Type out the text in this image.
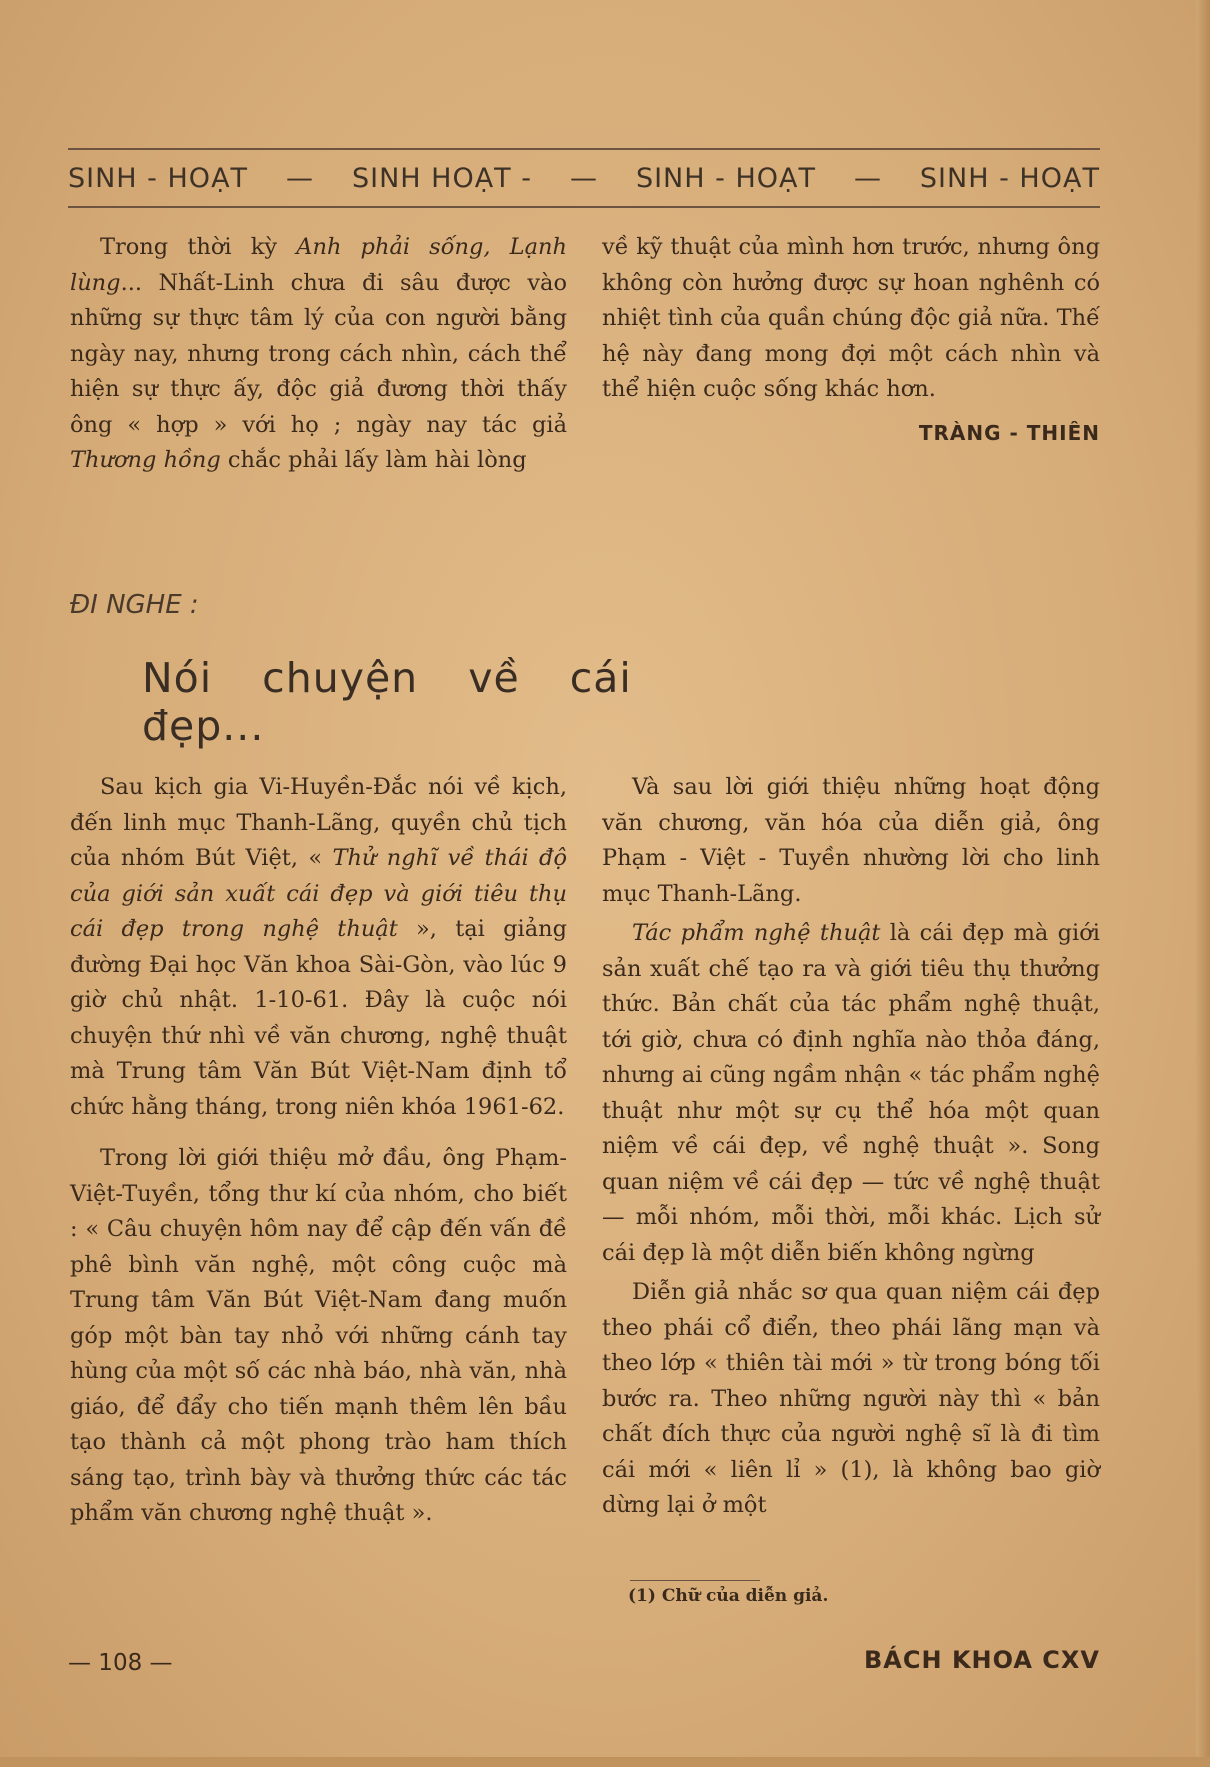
SINH - HOẠT — SINH HOẠT - — SINH - HOẠT — SINH - HOẠT

Trong thời kỳ Anh phải sống, Lạnh lùng... Nhất-Linh chưa đi sâu được vào những sự thực tâm lý của con người bằng ngày nay, nhưng trong cách nhìn, cách thể hiện sự thực ấy, độc giả đương thời thấy ông « hợp » với họ ; ngày nay tác giả Thương hồng chắc phải lấy làm hài lòng

về kỹ thuật của mình hơn trước, nhưng ông không còn hưởng được sự hoan nghênh có nhiệt tình của quần chúng độc giả nữa. Thế hệ này đang mong đợi một cách nhìn và thể hiện cuộc sống khác hơn.

TRÀNG - THIÊN
ĐI NGHE :
Nói chuyện về cái đẹp...

Sau kịch gia Vi-Huyền-Đắc nói về kịch, đến linh mục Thanh-Lãng, quyền chủ tịch của nhóm Bút Việt, « Thử nghĩ về thái độ của giới sản xuất cái đẹp và giới tiêu thụ cái đẹp trong nghệ thuật », tại giảng đường Đại học Văn khoa Sài-Gòn, vào lúc 9 giờ chủ nhật. 1-10-61. Đây là cuộc nói chuyện thứ nhì về văn chương, nghệ thuật mà Trung tâm Văn Bút Việt-Nam định tổ chức hằng tháng, trong niên khóa 1961-62.

Trong lời giới thiệu mở đầu, ông Phạm-Việt-Tuyền, tổng thư kí của nhóm, cho biết : « Câu chuyện hôm nay để cập đến vấn đề phê bình văn nghệ, một công cuộc mà Trung tâm Văn Bút Việt-Nam đang muốn góp một bàn tay nhỏ với những cánh tay hùng của một số các nhà báo, nhà văn, nhà giáo, để đẩy cho tiến mạnh thêm lên bầu tạo thành cả một phong trào ham thích sáng tạo, trình bày và thưởng thức các tác phẩm văn chương nghệ thuật ».

Và sau lời giới thiệu những hoạt động văn chương, văn hóa của diễn giả, ông Phạm - Việt - Tuyền nhường lời cho linh mục Thanh-Lãng.

Tác phẩm nghệ thuật là cái đẹp mà giới sản xuất chế tạo ra và giới tiêu thụ thưởng thức. Bản chất của tác phẩm nghệ thuật, tới giờ, chưa có định nghĩa nào thỏa đáng, nhưng ai cũng ngầm nhận « tác phẩm nghệ thuật như một sự cụ thể hóa một quan niệm về cái đẹp, về nghệ thuật ». Song quan niệm về cái đẹp — tức về nghệ thuật — mỗi nhóm, mỗi thời, mỗi khác. Lịch sử cái đẹp là một diễn biến không ngừng

Diễn giả nhắc sơ qua quan niệm cái đẹp theo phái cổ điển, theo phái lãng mạn và theo lớp « thiên tài mới » từ trong bóng tối bước ra. Theo những người này thì « bản chất đích thực của người nghệ sĩ là đi tìm cái mới « liên lỉ » (1), là không bao giờ dừng lại ở một

(1) Chữ của diễn giả.
— 108 —	BÁCH KHOA CXV
